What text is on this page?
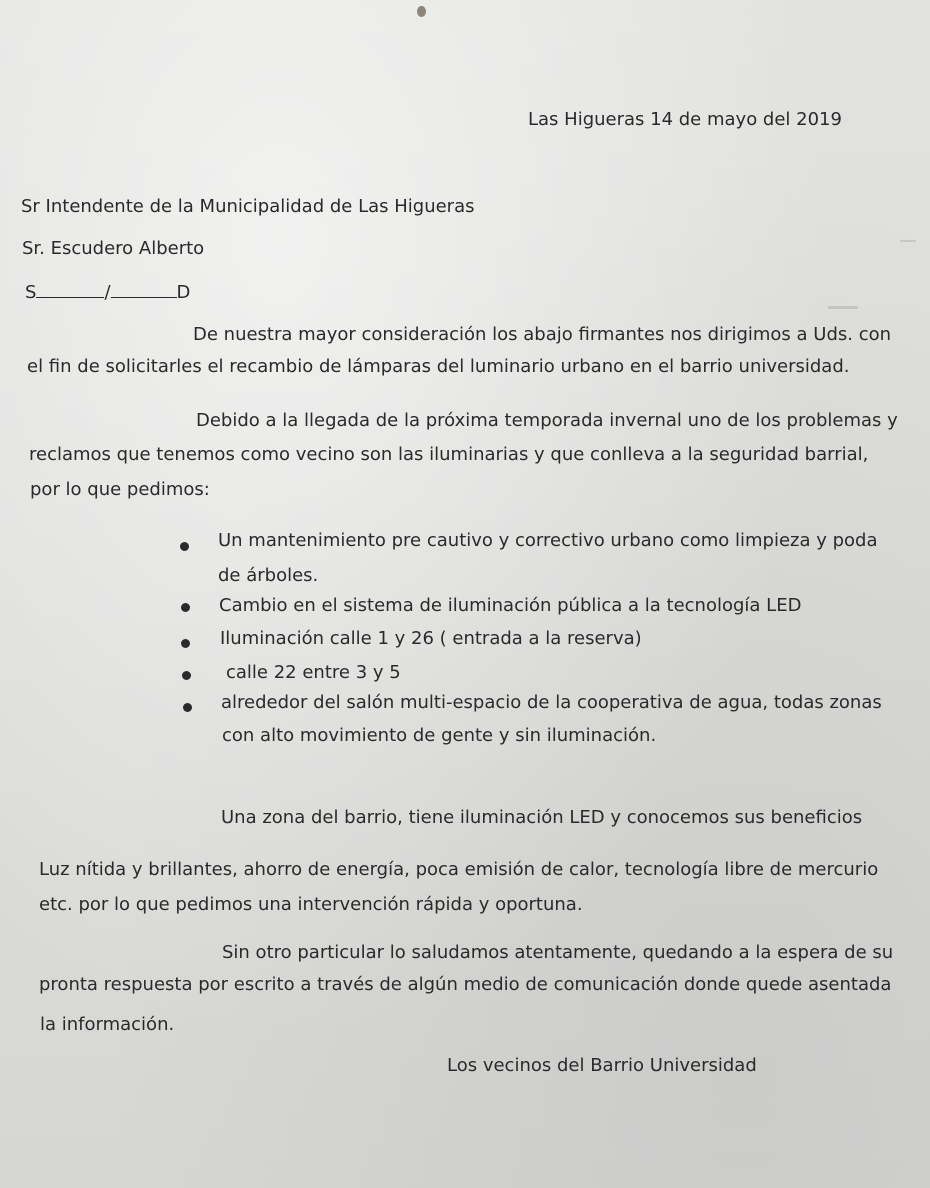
Las Higueras 14 de mayo del 2019
Sr Intendente de la Municipalidad de Las Higueras
Sr. Escudero Alberto
S	/	D
De nuestra mayor consideración los abajo firmantes nos dirigimos a Uds. con
el fin de solicitarles el recambio de lámparas del luminario urbano en el barrio universidad.
Debido a la llegada de la próxima temporada invernal uno de los problemas y
reclamos que tenemos como vecino son las iluminarias y que conlleva a la seguridad barrial,
por lo que pedimos:
Un mantenimiento pre cautivo y correctivo urbano como limpieza y poda
de árboles.
Cambio en el sistema de iluminación pública a la tecnología LED
Iluminación calle 1 y 26 ( entrada a la reserva)
calle 22 entre 3 y 5
alrededor del salón multi-espacio de la cooperativa de agua, todas zonas
con alto movimiento de gente y sin iluminación.
Una zona del barrio, tiene iluminación LED y conocemos sus beneficios
Luz nítida y brillantes, ahorro de energía, poca emisión de calor, tecnología libre de mercurio
etc. por lo que pedimos una intervención rápida y oportuna.
Sin otro particular lo saludamos atentamente, quedando a la espera de su
pronta respuesta por escrito a través de algún medio de comunicación donde quede asentada
la información.
Los vecinos del Barrio Universidad
